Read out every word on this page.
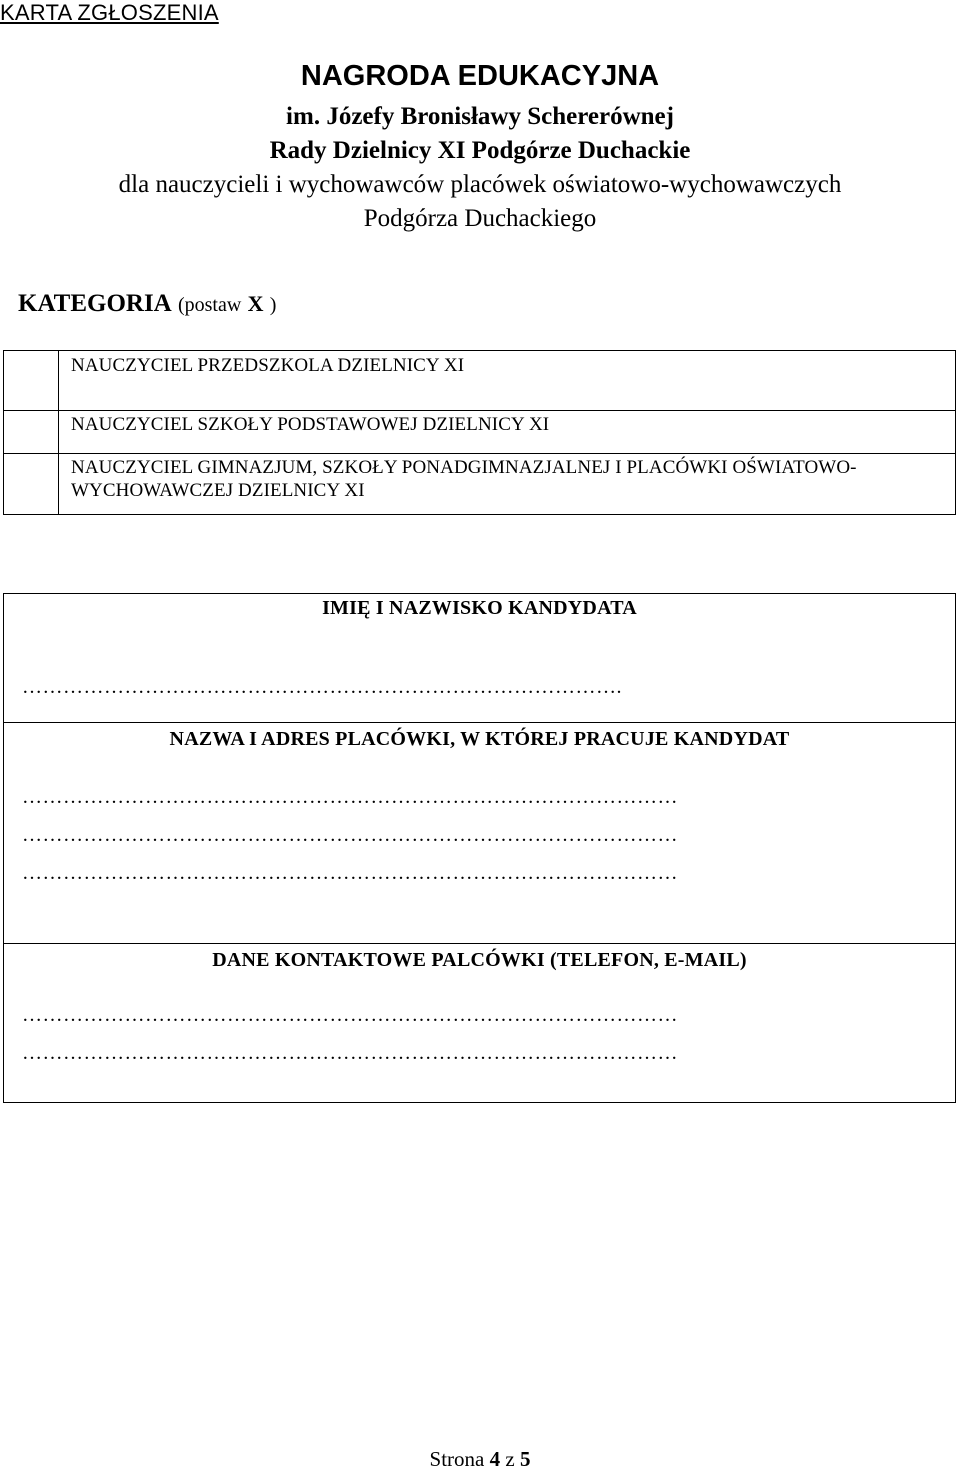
KARTA ZGŁOSZENIA
NAGRODA EDUKACYJNA
im. Józefy Bronisławy Schererównej
Rady Dzielnicy XI Podgórze Duchackie
dla nauczycieli i wychowawców placówek oświatowo-wychowawczych
Podgórza Duchackiego
KATEGORIA (postaw X )
	NAUCZYCIEL PRZEDSZKOLA DZIELNICY XI
	NAUCZYCIEL SZKOŁY PODSTAWOWEJ DZIELNICY XI
	NAUCZYCIEL GIMNAZJUM, SZKOŁY PONADGIMNAZJALNEJ I PLACÓWKI OŚWIATOWO-WYCHOWAWCZEJ DZIELNICY XI
IMIĘ I NAZWISKO KANDYDATA
…………………………………………………………………………….
NAZWA I ADRES PLACÓWKI, W KTÓREJ PRACUJE KANDYDAT
……………………………………………………………………………………
……………………………………………………………………………………
……………………………………………………………………………………
DANE KONTAKTOWE PALCÓWKI (TELEFON, E-MAIL)
……………………………………………………………………………………
……………………………………………………………………………………
Strona 4 z 5
